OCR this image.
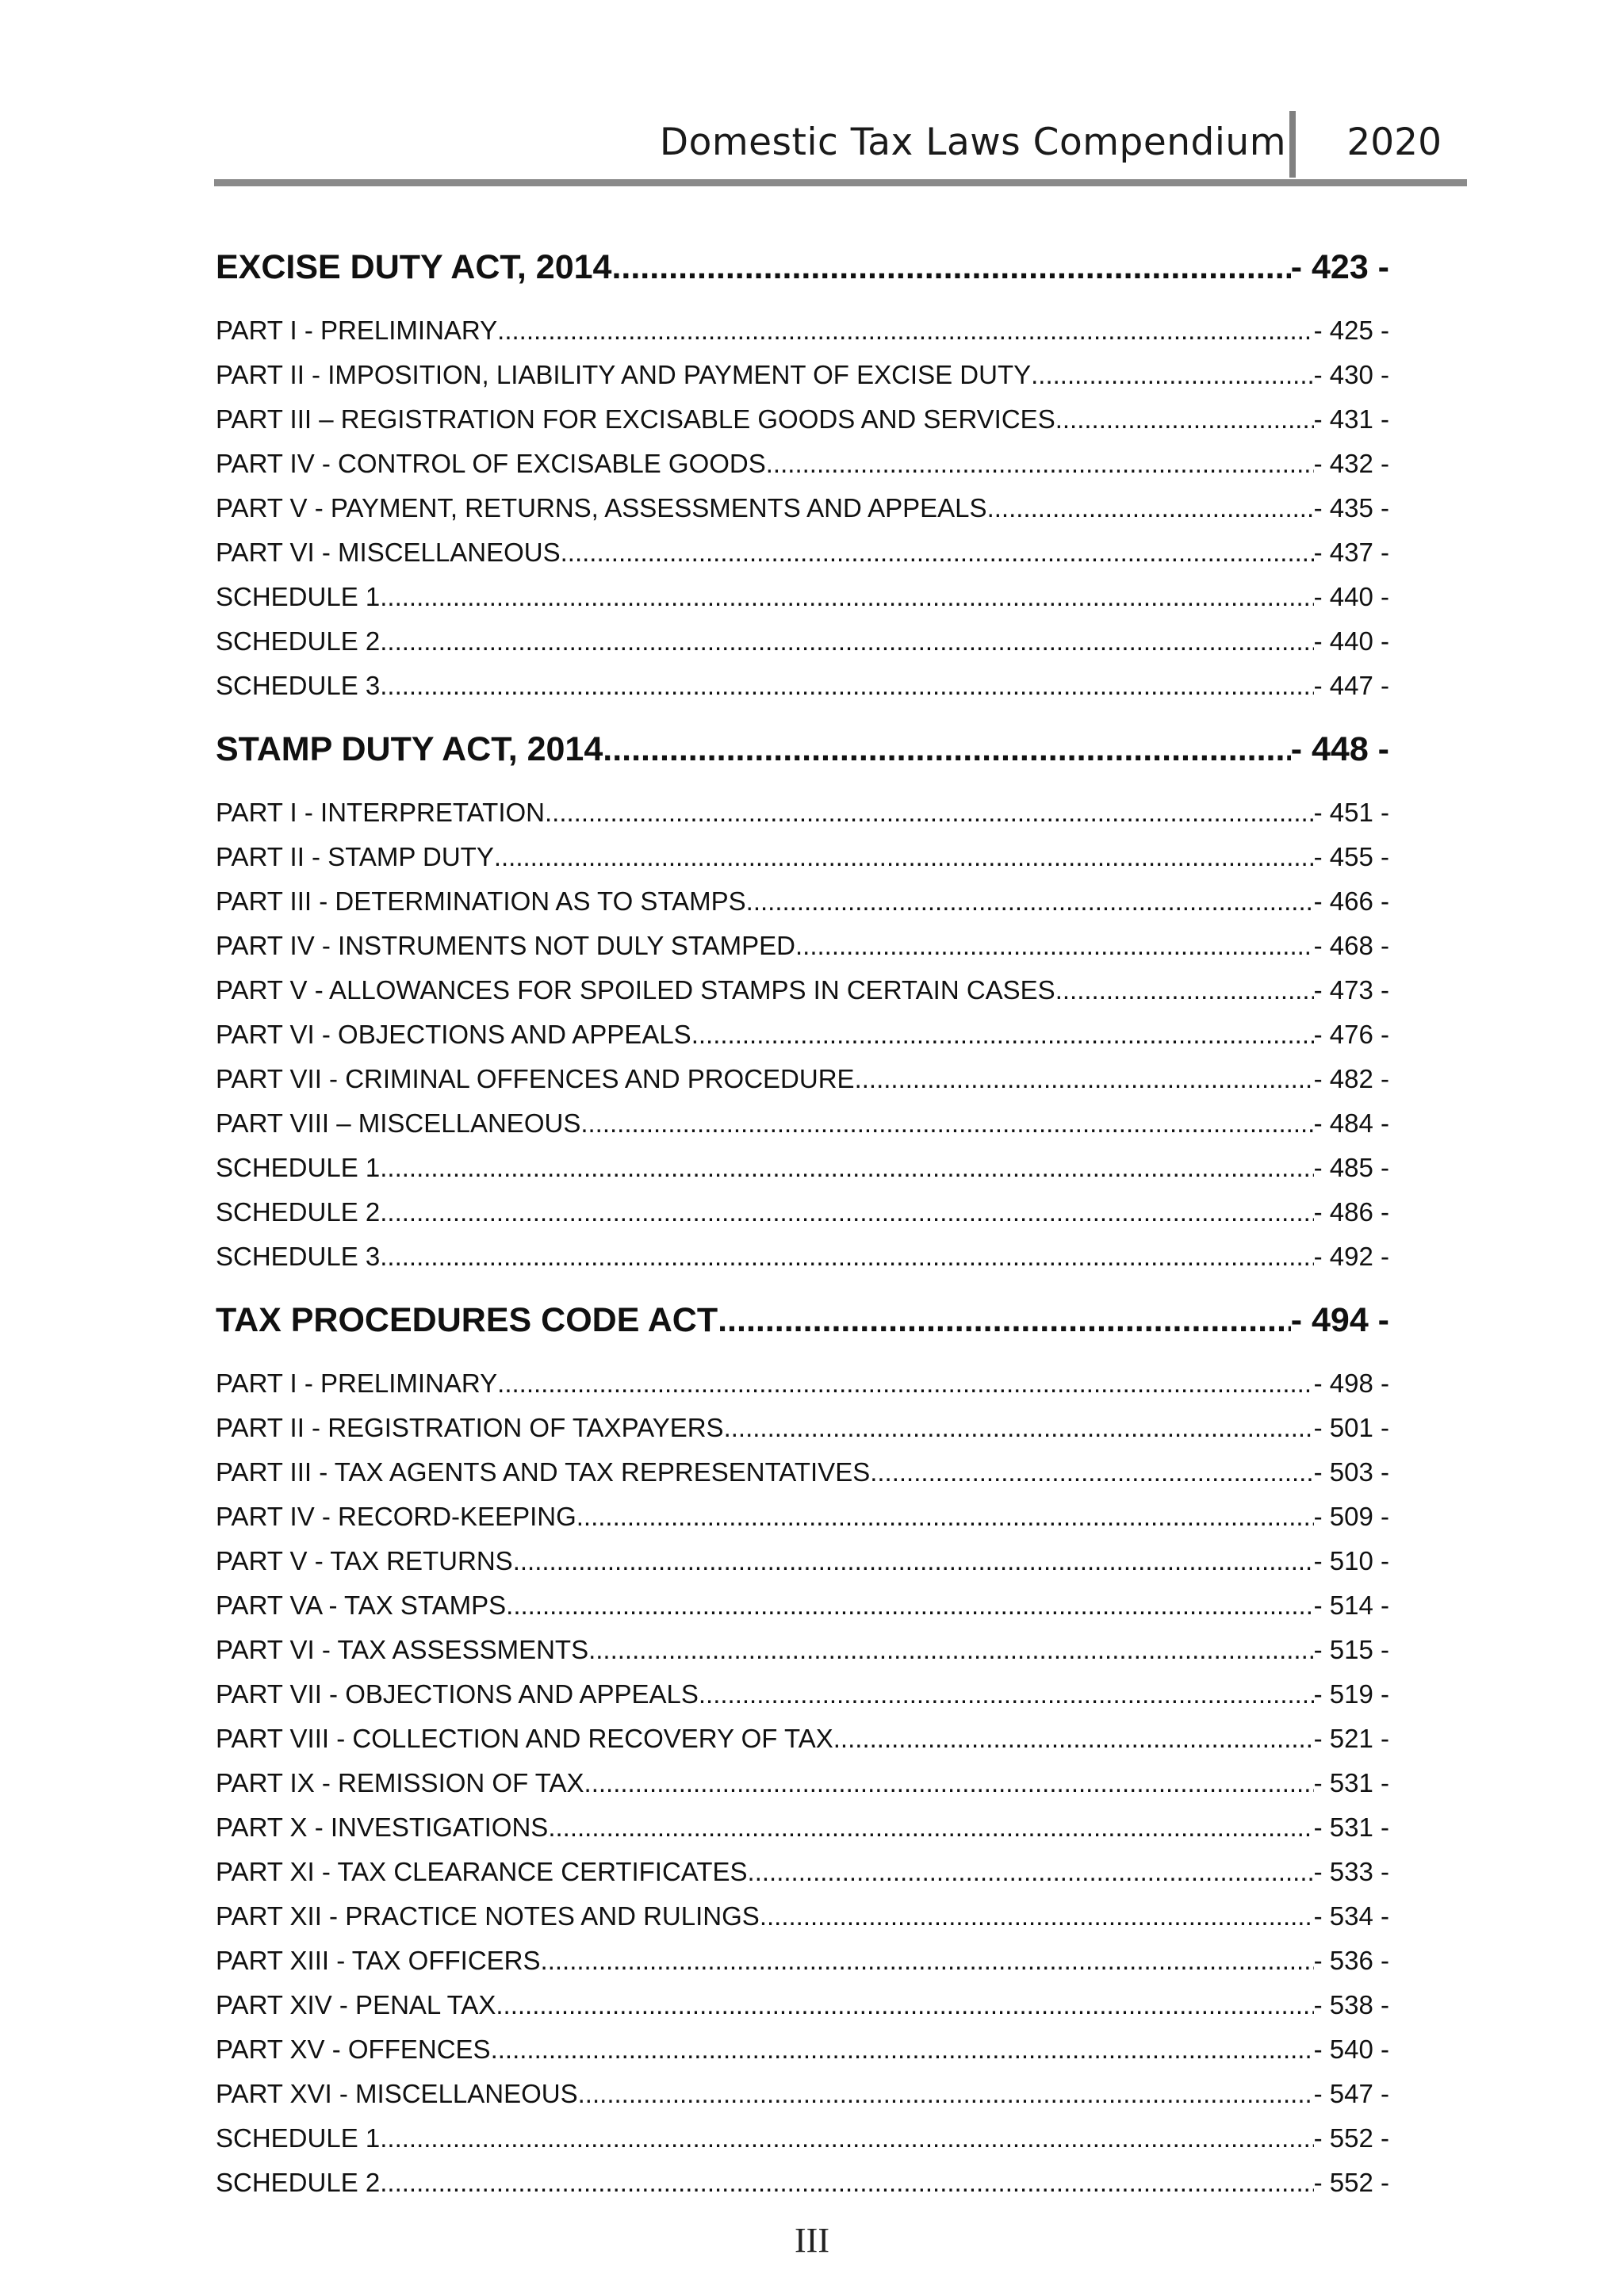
Domestic Tax Laws Compendium 2020
EXCISE DUTY ACT, 2014 .....	- 423 -
PART I - PRELIMINARY .....	- 425 -
PART II - IMPOSITION, LIABILITY AND PAYMENT OF EXCISE DUTY .....	- 430 -
PART III – REGISTRATION FOR EXCISABLE GOODS AND SERVICES .....	- 431 -
PART IV - CONTROL OF EXCISABLE GOODS .....	- 432 -
PART V - PAYMENT, RETURNS, ASSESSMENTS AND APPEALS .....	- 435 -
PART VI - MISCELLANEOUS .....	- 437 -
SCHEDULE 1 .....	- 440 -
SCHEDULE 2 .....	- 440 -
SCHEDULE 3 .....	- 447 -
STAMP DUTY ACT, 2014 .....	- 448 -
PART I - INTERPRETATION .....	- 451 -
PART II - STAMP DUTY .....	- 455 -
PART III - DETERMINATION AS TO STAMPS .....	- 466 -
PART IV - INSTRUMENTS NOT DULY STAMPED .....	- 468 -
PART V - ALLOWANCES FOR SPOILED STAMPS IN CERTAIN CASES .....	- 473 -
PART VI - OBJECTIONS AND APPEALS .....	- 476 -
PART VII - CRIMINAL OFFENCES AND PROCEDURE .....	- 482 -
PART VIII – MISCELLANEOUS .....	- 484 -
SCHEDULE 1 .....	- 485 -
SCHEDULE 2 .....	- 486 -
SCHEDULE 3 .....	- 492 -
TAX PROCEDURES CODE ACT .....	- 494 -
PART I - PRELIMINARY .....	- 498 -
PART II - REGISTRATION OF TAXPAYERS .....	- 501 -
PART III - TAX AGENTS AND TAX REPRESENTATIVES .....	- 503 -
PART IV - RECORD-KEEPING .....	- 509 -
PART V - TAX RETURNS .....	- 510 -
PART VA - TAX STAMPS .....	- 514 -
PART VI - TAX ASSESSMENTS .....	- 515 -
PART VII - OBJECTIONS AND APPEALS .....	- 519 -
PART VIII - COLLECTION AND RECOVERY OF TAX .....	- 521 -
PART IX - REMISSION OF TAX .....	- 531 -
PART X - INVESTIGATIONS .....	- 531 -
PART XI - TAX CLEARANCE CERTIFICATES .....	- 533 -
PART XII - PRACTICE NOTES AND RULINGS .....	- 534 -
PART XIII - TAX OFFICERS .....	- 536 -
PART XIV - PENAL TAX .....	- 538 -
PART XV - OFFENCES .....	- 540 -
PART XVI - MISCELLANEOUS .....	- 547 -
SCHEDULE 1 .....	- 552 -
SCHEDULE 2 .....	- 552 -
III
